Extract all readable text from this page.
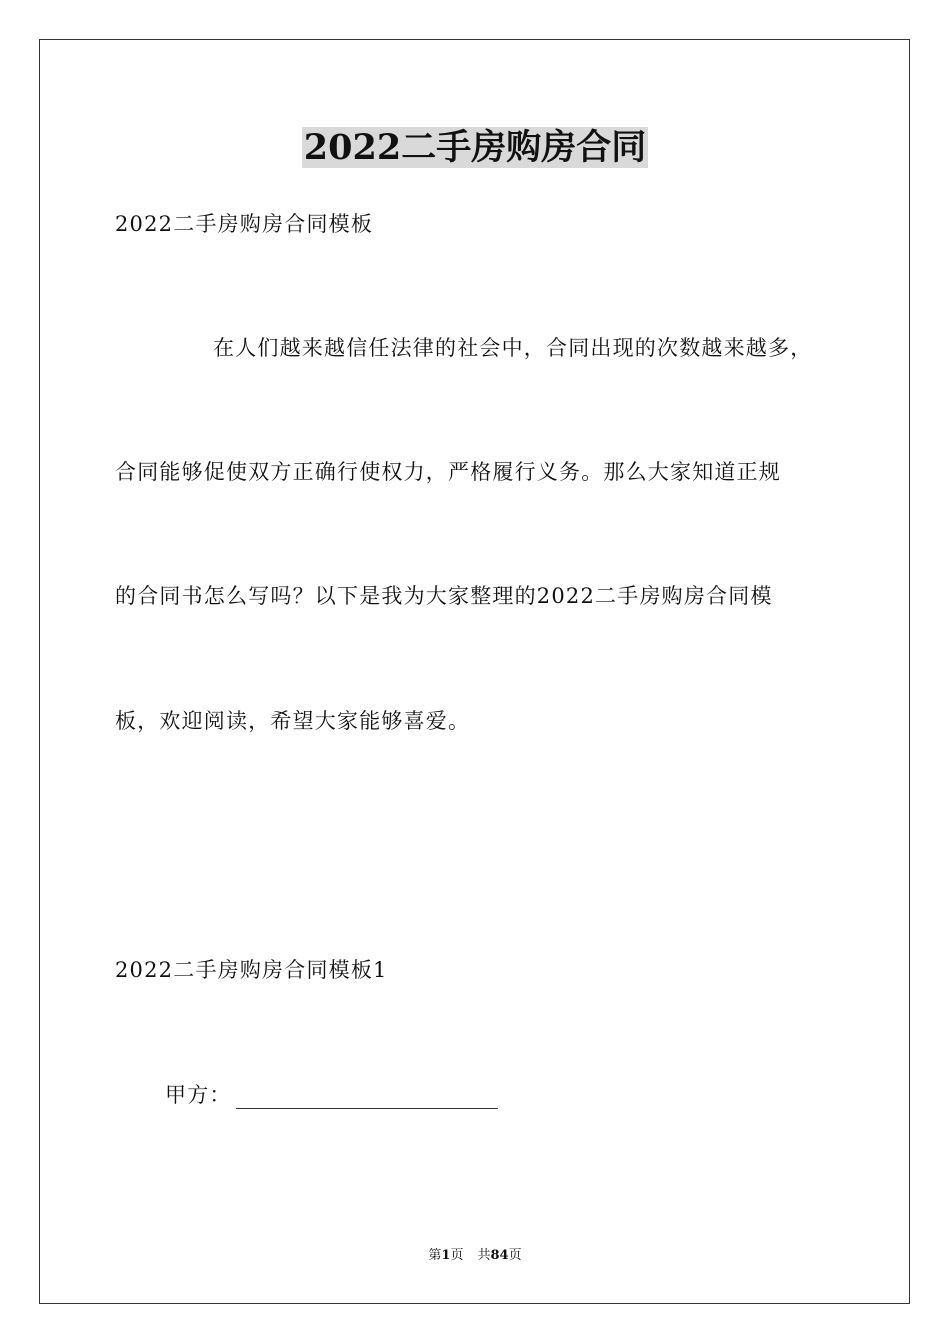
2022二手房购房合同

2022二手房购房合同模板

在人们越来越信任法律的社会中，合同出现的次数越来越多，

合同能够促使双方正确行使权力，严格履行义务。那么大家知道正规

的合同书怎么写吗？以下是我为大家整理的2022二手房购房合同模

板，欢迎阅读，希望大家能够喜爱。

2022二手房购房合同模板1

甲方：

第1页 共84页
